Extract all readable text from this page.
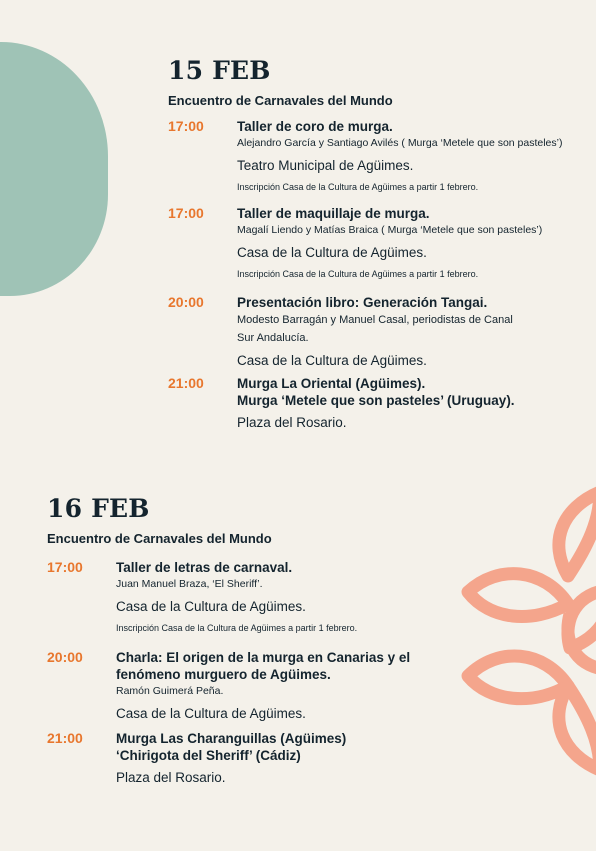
15 FEB
Encuentro de Carnavales del Mundo
17:00 Taller de coro de murga.
Alejandro García y Santiago Avilés ( Murga ‘Metele que son pasteles’)
Teatro Municipal de Agüimes.
Inscripción Casa de la Cultura de Agüimes a partir 1 febrero.
17:00 Taller de maquillaje de murga.
Magalí Liendo y Matías Braica ( Murga ‘Metele que son pasteles’)
Casa de la Cultura de Agüimes.
Inscripción Casa de la Cultura de Agüimes a partir 1 febrero.
20:00 Presentación libro: Generación Tangai.
Modesto Barragán y Manuel Casal, periodistas de Canal
Sur Andalucía.
Casa de la Cultura de Agüimes.
21:00 Murga La Oriental (Agüimes).
Murga ‘Metele que son pasteles’ (Uruguay).
Plaza del Rosario.
16 FEB
Encuentro de Carnavales del Mundo
17:00 Taller de letras de carnaval.
Juan Manuel Braza, ‘El Sheriff’.
Casa de la Cultura de Agüimes.
Inscripción Casa de la Cultura de Agüimes a partir 1 febrero.
20:00 Charla: El origen de la murga en Canarias y el
fenómeno murguero de Agüimes.
Ramón Guimerá Peña.
Casa de la Cultura de Agüimes.
21:00 Murga Las Charanguillas (Agüimes)
‘Chirigota del Sheriff’ (Cádiz)
Plaza del Rosario.
